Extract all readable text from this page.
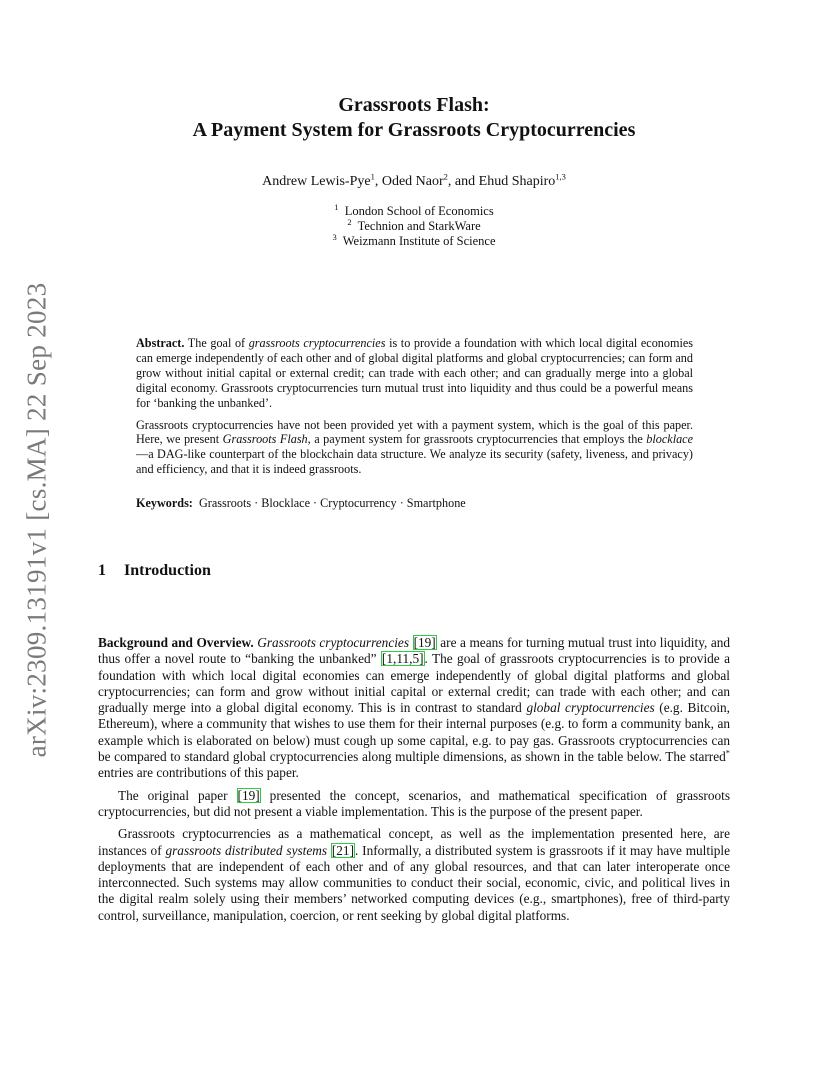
arXiv:2309.13191v1 [cs.MA] 22 Sep 2023
Grassroots Flash:
A Payment System for Grassroots Cryptocurrencies
Andrew Lewis-Pye$^1$, Oded Naor$^2$, and Ehud Shapiro$^{1,3}$
$^1$ London School of Economics
$^2$ Technion and StarkWare
$^3$ Weizmann Institute of Science

Abstract. The goal of grassroots cryptocurrencies is to provide a foundation with which local digital economies can emerge independently of each other and of global digital platforms and global cryptocurrencies; can form and grow without initial capital or external credit; can trade with each other; and can gradually merge into a global digital economy. Grassroots cryptocurrencies turn mutual trust into liquidity and thus could be a powerful means for ‘banking the unbanked’.

Grassroots cryptocurrencies have not been provided yet with a payment system, which is the goal of this paper. Here, we present Grassroots Flash, a payment system for grassroots cryptocurrencies that employs the blocklace—a DAG-like counterpart of the blockchain data structure. We analyze its security (safety, liveness, and privacy) and efficiency, and that it is indeed grassroots.

Keywords: Grassroots · Blocklace · Cryptocurrency · Smartphone
1 Introduction

Background and Overview. Grassroots cryptocurrencies [19] are a means for turning mutual trust into liquidity, and thus offer a novel route to “banking the unbanked” [1,11,5]. The goal of grassroots cryptocurrencies is to provide a foundation with which local digital economies can emerge independently of global digital platforms and global cryptocurrencies; can form and grow without initial capital or external credit; can trade with each other; and can gradually merge into a global digital economy. This is in contrast to standard global cryptocurrencies (e.g. Bitcoin, Ethereum), where a community that wishes to use them for their internal purposes (e.g. to form a community bank, an example which is elaborated on below) must cough up some capital, e.g. to pay gas. Grassroots cryptocurrencies can be compared to standard global cryptocurrencies along multiple dimensions, as shown in the table below. The starred* entries are contributions of this paper.

The original paper [19] presented the concept, scenarios, and mathematical specification of grassroots cryptocurrencies, but did not present a viable implementation. This is the purpose of the present paper.

Grassroots cryptocurrencies as a mathematical concept, as well as the implementation presented here, are instances of grassroots distributed systems [21]. Informally, a distributed system is grassroots if it may have multiple deployments that are independent of each other and of any global resources, and that can later interoperate once interconnected. Such systems may allow communities to conduct their social, economic, civic, and political lives in the digital realm solely using their members’ networked computing devices (e.g., smartphones), free of third-party control, surveillance, manipulation, coercion, or rent seeking by global digital platforms.
